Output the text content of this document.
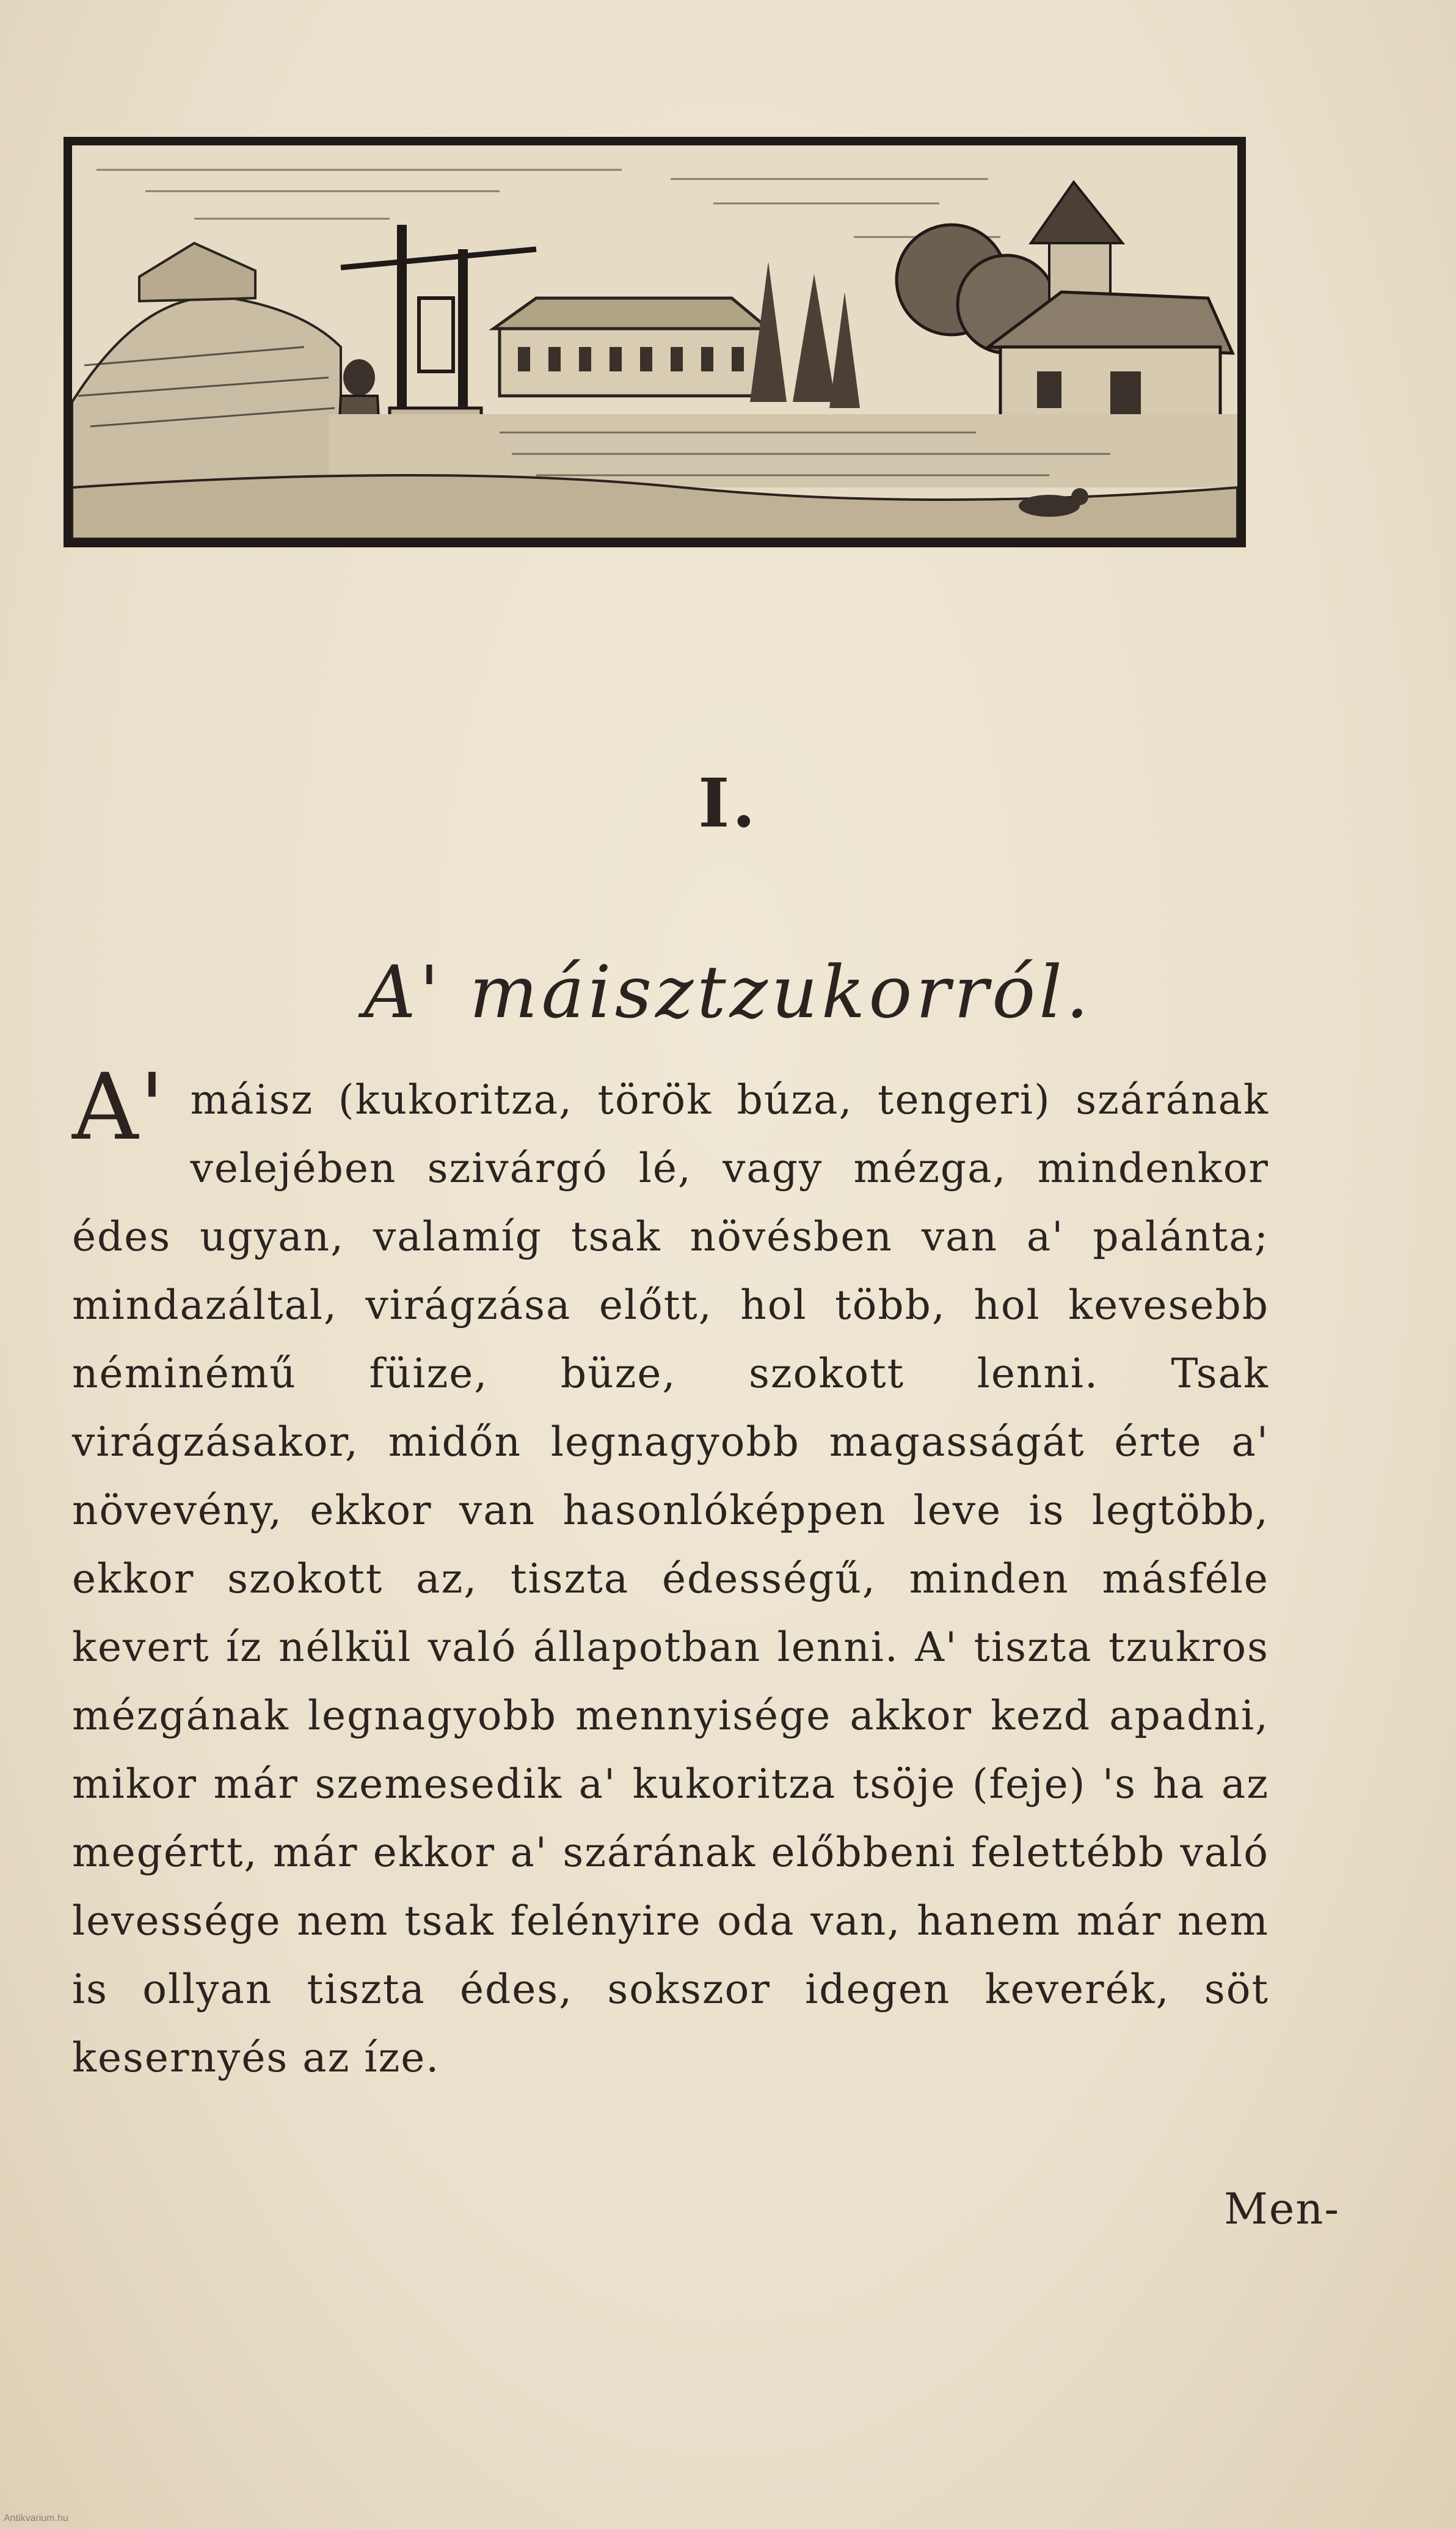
I.
A' máisztzukorról.
A' máisz (kukoritza, török búza, tengeri) szárának velejében szivárgó lé, vagy mézga, mindenkor édes ugyan, valamíg tsak növésben van a' palánta; mindazáltal, virágzása előtt, hol több, hol kevesebb néminémű füize, büze, szokott lenni. Tsak virágzásakor, midőn legnagyobb magasságát érte a' növevény, ekkor van hasonlóképpen leve is legtöbb, ekkor szokott az, tiszta édességű, minden másféle kevert íz nélkül való állapotban lenni. A' tiszta tzukros mézgának legnagyobb mennyisége akkor kezd apadni, mikor már szemesedik a' kukoritza tsöje (feje) 's ha az megértt, már ekkor a' szárának előbbeni felettébb való levessége nem tsak felényire oda van, hanem már nem is ollyan tiszta édes, sokszor idegen keverék, söt kesernyés az íze.
Men-
Antikvarium.hu
